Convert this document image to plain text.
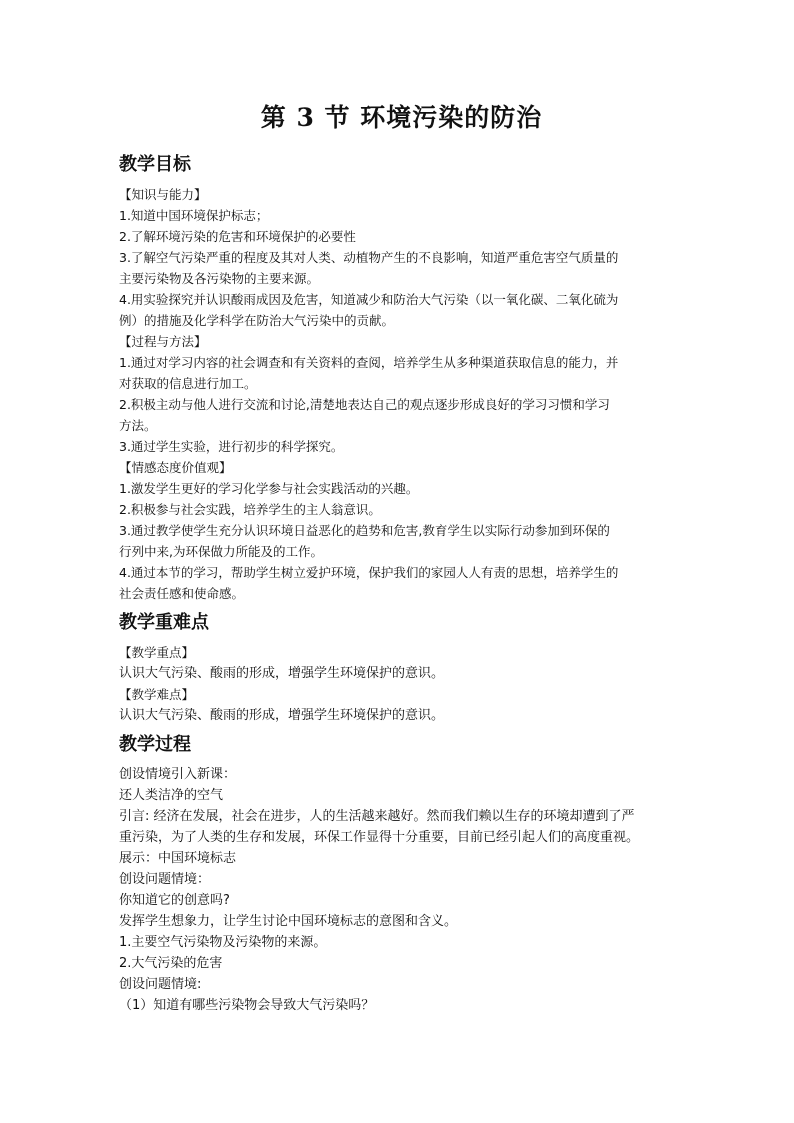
第 3 节 环境污染的防治
教学目标
【知识与能力】
1.知道中国环境保护标志；
2.了解环境污染的危害和环境保护的必要性
3.了解空气污染严重的程度及其对人类、动植物产生的不良影响，知道严重危害空气质量的
主要污染物及各污染物的主要来源。
4.用实验探究并认识酸雨成因及危害，知道减少和防治大气污染（以一氧化碳、二氧化硫为
例）的措施及化学科学在防治大气污染中的贡献。
【过程与方法】
1.通过对学习内容的社会调查和有关资料的查阅，培养学生从多种渠道获取信息的能力，并
对获取的信息进行加工。
2.积极主动与他人进行交流和讨论,清楚地表达自己的观点逐步形成良好的学习习惯和学习
方法。
3.通过学生实验，进行初步的科学探究。
【情感态度价值观】
1.激发学生更好的学习化学参与社会实践活动的兴趣。
2.积极参与社会实践，培养学生的主人翁意识。
3.通过教学使学生充分认识环境日益恶化的趋势和危害,教育学生以实际行动参加到环保的
行列中来,为环保做力所能及的工作。
4.通过本节的学习，帮助学生树立爱护环境，保护我们的家园人人有责的思想，培养学生的
社会责任感和使命感。
教学重难点
【教学重点】
认识大气污染、酸雨的形成，增强学生环境保护的意识。
【教学难点】
认识大气污染、酸雨的形成，增强学生环境保护的意识。
教学过程
创设情境引入新课：
还人类洁净的空气
引言: 经济在发展，社会在进步，人的生活越来越好。然而我们赖以生存的环境却遭到了严
重污染，为了人类的生存和发展，环保工作显得十分重要，目前已经引起人们的高度重视。
展示：中国环境标志
创设问题情境：
你知道它的创意吗?
发挥学生想象力，让学生讨论中国环境标志的意图和含义。
1.主要空气污染物及污染物的来源。
2.大气污染的危害
创设问题情境:
（1）知道有哪些污染物会导致大气污染吗？
